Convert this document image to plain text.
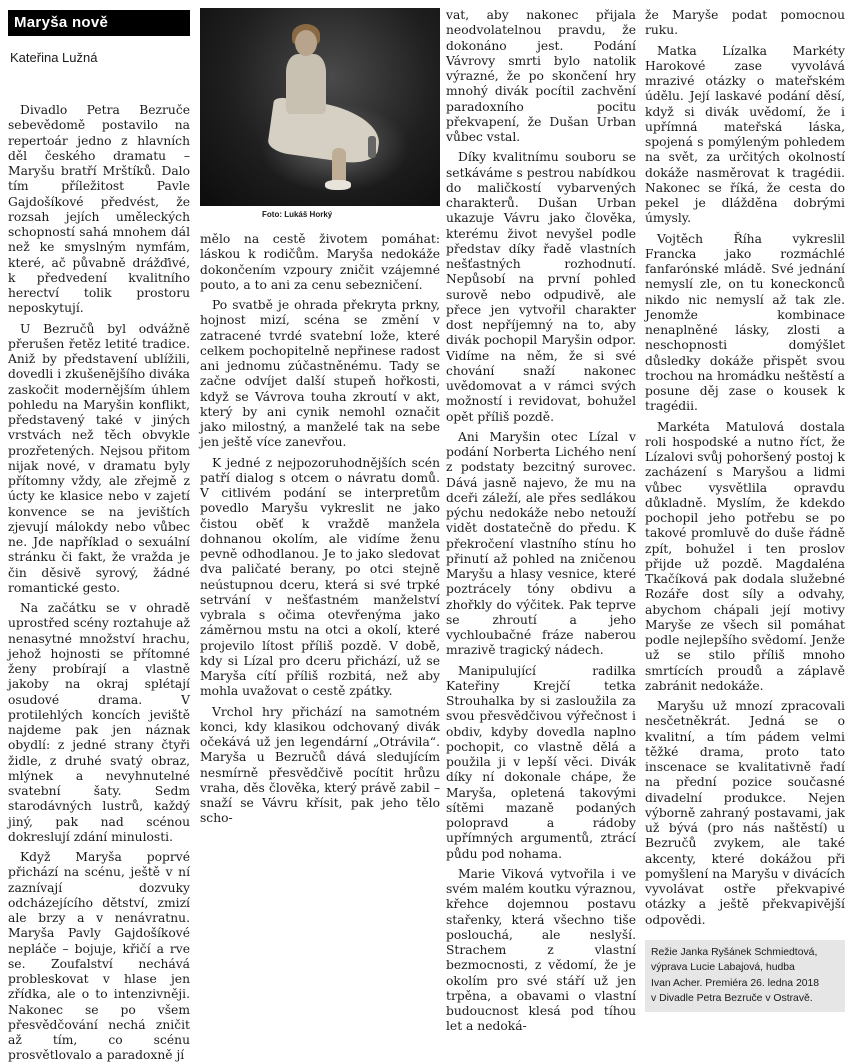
Maryša nově
Kateřina Lužná

Divadlo Petra Bezruče sebevědomě postavilo na repertoár jedno z hlavních děl českého dramatu – Maryšu bratří Mrštíků. Dalo tím příležitost Pavle Gajdošíkové předvést, že rozsah jejích uměleckých schopností sahá mnohem dál než ke smyslným nymfám, které, ač půvabně drážďivé, k předvedení kvalitního herectví tolik prostoru neposkytují.

U Bezručů byl odvážně přerušen řetěz letité tradice. Aniž by představení ublížili, dovedli i zkušenějšího diváka zaskočit modernějším úhlem pohledu na Maryšin konflikt, představený také v jiných vrstvách než těch obvykle prozřetených. Nejsou přitom nijak nové, v dramatu byly přítomny vždy, ale zřejmě z úcty ke klasice nebo v zajetí konvence se na jevištích zjevují málokdy nebo vůbec ne. Jde například o sexuální stránku či fakt, že vražda je čin děsivě syrový, žádné romantické gesto.

Na začátku se v ohradě uprostřed scény roztahuje až nenasytné množství hrachu, jehož hojnosti se přítomné ženy probírají a vlastně jakoby na okraj splétají osudové drama. V protilehlých koncích jeviště najdeme pak jen náznak obydlí: z jedné strany čtyři židle, z druhé svatý obraz, mlýnek a nevyhnutelné svatební šaty. Sedm starodávných lustrů, každý jiný, pak nad scénou dokreslují zdání minulosti.

Když Maryša poprvé přichází na scénu, ještě v ní zaznívají dozvuky odcházejícího dětství, zmizí ale brzy a v nenávratnu. Maryša Pavly Gajdošíkové nepláče – bojuje, křičí a rve se. Zoufalství nechává probleskovat v hlase jen zřídka, ale o to intenzivněji. Nakonec se po všem přesvědčování nechá zničit až tím, co scénu prosvětlovalo a paradoxně jí

Foto: Lukáš Horký

mělo na cestě životem pomáhat: láskou k rodičům. Maryša nedokáže dokončením vzpoury zničit vzájemné pouto, a to ani za cenu sebezničení.

Po svatbě je ohrada překryta prkny, hojnost mizí, scéna se změní v zatracené tvrdé svatební lože, které celkem pochopitelně nepřinese radost ani jednomu zúčastněnému. Tady se začne odvíjet další stupeň hořkosti, když se Vávrova touha zkroutí v akt, který by ani cynik nemohl označit jako milostný, a manželé tak na sebe jen ještě více zanevřou.

K jedné z nejpozoruhodnějších scén patří dialog s otcem o návratu domů. V citlivém podání se interpretům povedlo Maryšu vykreslit ne jako čistou oběť k vraždě manžela dohnanou okolím, ale vidíme ženu pevně odhodlanou. Je to jako sledovat dva paličaté berany, po otci stejně neústupnou dceru, která si své trpké setrvání v nešťastném manželství vybrala s očima otevřenýma jako záměrnou mstu na otci a okolí, které projevilo lítost příliš pozdě. V době, kdy si Lízal pro dceru přichází, už se Maryša cítí příliš rozbitá, než aby mohla uvažovat o cestě zpátky.

Vrchol hry přichází na samotném konci, kdy klasikou odchovaný divák očekává už jen legendární „Otrávila“. Maryša u Bezručů dává sledujícím nesmírně přesvědčivě pocítit hrůzu vraha, děs člověka, který právě zabil – snaží se Vávru křísit, pak jeho tělo scho-

vat, aby nakonec přijala neodvolatelnou pravdu, že dokonáno jest. Podání Vávrovy smrti bylo natolik výrazné, že po skončení hry mnohý divák pocítil zachvění paradoxního pocitu překvapení, že Dušan Urban vůbec vstal.

Díky kvalitnímu souboru se setkáváme s pestrou nabídkou do maličkostí vybarvených charakterů. Dušan Urban ukazuje Vávru jako člověka, kterému život nevyšel podle představ díky řadě vlastních nešťastných rozhodnutí. Nepůsobí na první pohled surově nebo odpudivě, ale přece jen vytvořil charakter dost nepříjemný na to, aby divák pochopil Maryšin odpor. Vidíme na něm, že si své chování snaží nakonec uvědomovat a v rámci svých možností i revidovat, bohužel opět příliš pozdě.

Ani Maryšin otec Lízal v podání Norberta Lichého není z podstaty bezcitný surovec. Dává jasně najevo, že mu na dceři záleží, ale přes sedlákou pýchu nedokáže nebo netouží vidět dostatečně do předu. K překročení vlastního stínu ho přinutí až pohled na zničenou Maryšu a hlasy vesnice, které poztrácely tóny obdivu a zhořkly do výčitek. Pak teprve se zhroutí a jeho vychloubačné fráze naberou mrazivě tragický nádech.

Manipulující radilka Kateřiny Krejčí tetka Strouhalka by si zasloužila za svou přesvědčivou výřečnost i obdiv, kdyby dovedla naplno pochopit, co vlastně dělá a použila ji v lepší věci. Divák díky ní dokonale chápe, že Maryša, opletená takovými sítěmi mazaně podaných polopravd a rádoby upřímných argumentů, ztrácí půdu pod nohama.

Marie Viková vytvořila i ve svém malém koutku výraznou, křehce dojemnou postavu stařenky, která všechno tiše poslouchá, ale neslyší. Strachem z vlastní bezmocnosti, z vědomí, že je okolím pro své stáří už jen trpěna, a obavami o vlastní budoucnost klesá pod tíhou let a nedoká-

že Maryše podat pomocnou ruku.

Matka Lízalka Markéty Harokové zase vyvolává mrazivé otázky o mateřském údělu. Její laskavé podání děsí, když si divák uvědomí, že i upřímná mateřská láska, spojená s pomýleným pohledem na svět, za určitých okolností dokáže nasměrovat k tragédii. Nakonec se říká, že cesta do pekel je dlážděna dobrými úmysly.

Vojtěch Říha vykreslil Francka jako rozmáchlé fanfarónské mládě. Své jednání nemyslí zle, on tu koneckonců nikdo nic nemyslí až tak zle. Jenomže kombinace nenaplněné lásky, zlosti a neschopnosti domýšlet důsledky dokáže přispět svou trochou na hromádku neštěstí a posune děj zase o kousek k tragédii.

Markéta Matulová dostala roli hospodské a nutno říct, že Lízalovi svůj pohoršený postoj k zacházení s Maryšou a lidmi vůbec vysvětlila opravdu důkladně. Myslím, že kdekdo pochopil jeho potřebu se po takové promluvě do duše řádně zpít, bohužel i ten proslov přijde už pozdě. Magdaléna Tkačíková pak dodala služebné Rozáře dost síly a odvahy, abychom chápali její motivy Maryše ze všech sil pomáhat podle nejlepšího svědomí. Jenže už se stilo příliš mnoho smrtících proudů a záplavě zabránit nedokáže.

Maryšu už mnozí zpracovali nesčetněkrát. Jedná se o kvalitní, a tím pádem velmi těžké drama, proto tato inscenace se kvalitativně řadí na přední pozice současné divadelní produkce. Nejen výborně zahraný postavami, jak už bývá (pro nás naštěstí) u Bezručů zvykem, ale také akcenty, které dokážou při pomyšlení na Maryšu v divácích vyvolávat ostře překvapivé otázky a ještě překvapivější odpovědi.

Režie Janka Ryšánek Schmiedtová,
výprava Lucie Labajová, hudba
Ivan Acher. Premiéra 26. ledna 2018
v Divadle Petra Bezruče v Ostravě.
